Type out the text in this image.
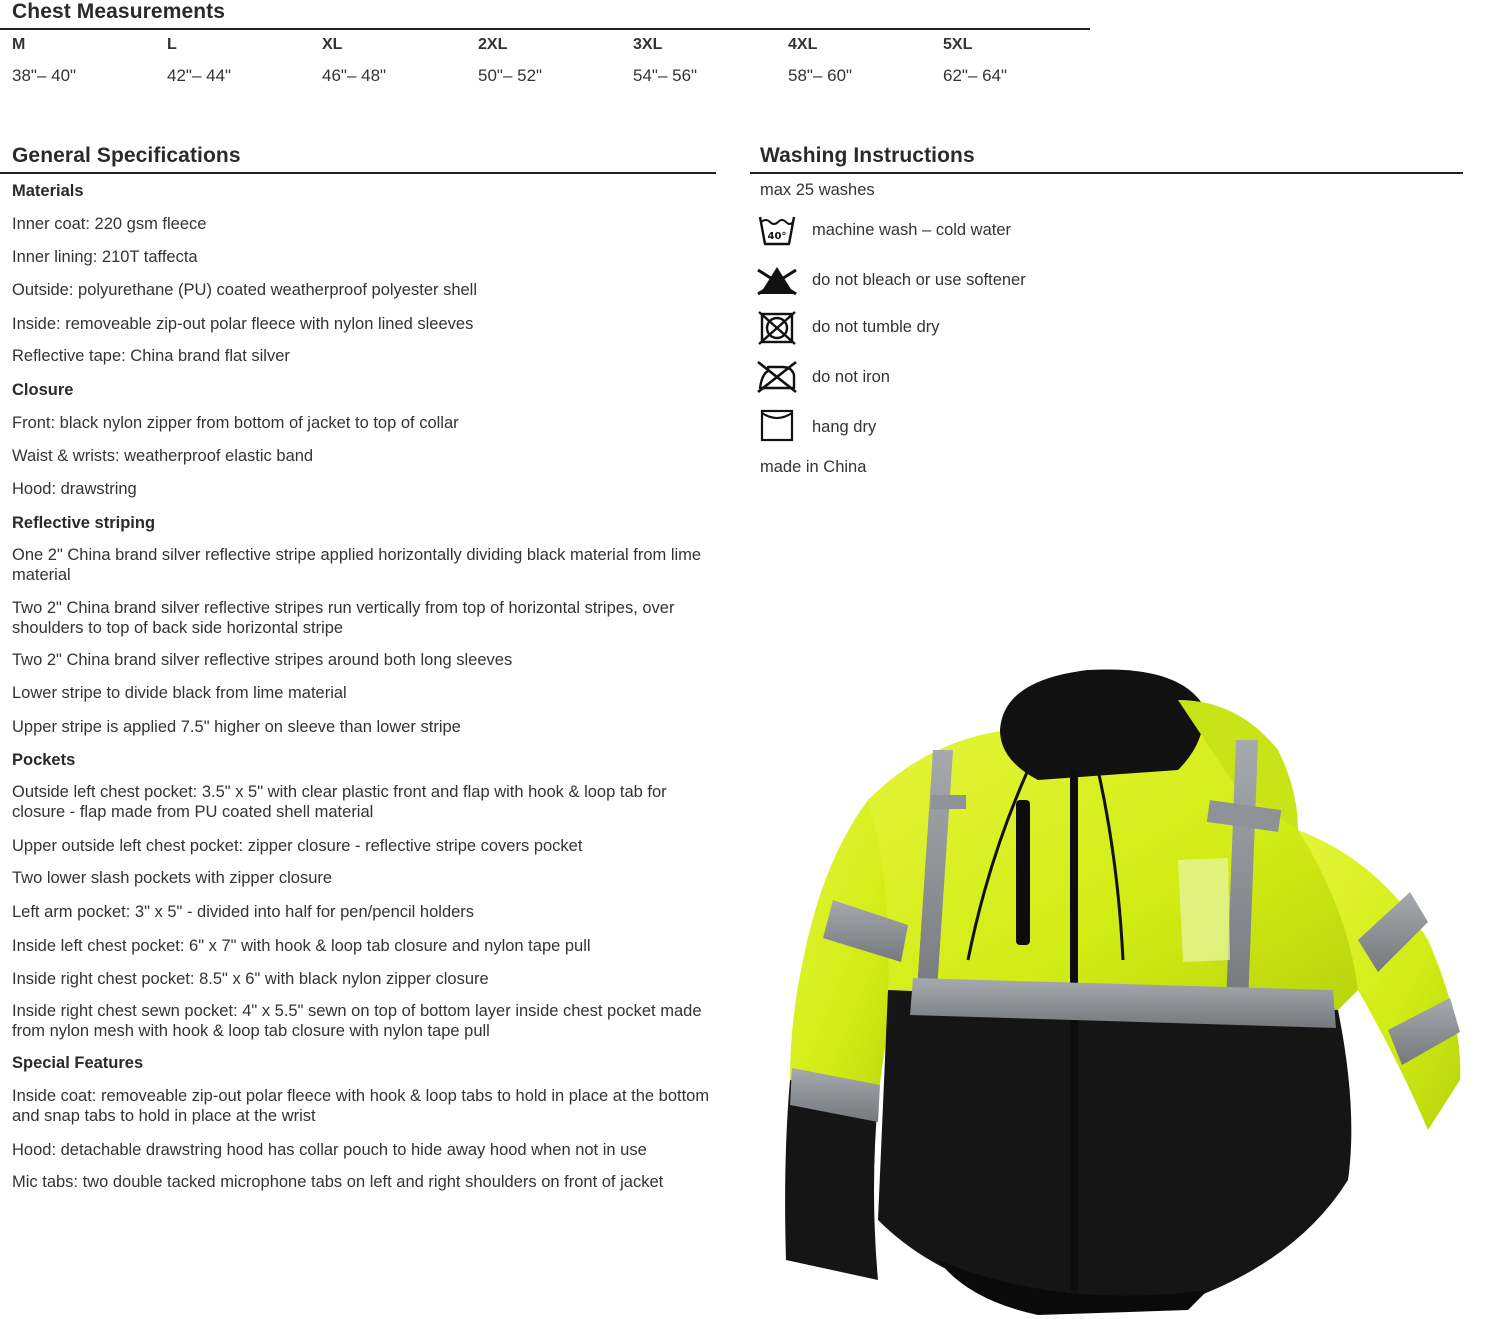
Chest Measurements
M
38"– 40"
L
42"– 44"
XL
46"– 48"
2XL
50"– 52"
3XL
54"– 56"
4XL
58"– 60"
5XL
62"– 64"
General Specifications
Materials
Inner coat: 220 gsm fleece
Inner lining: 210T taffecta
Outside: polyurethane (PU) coated weatherproof polyester shell
Inside: removeable zip-out polar fleece with nylon lined sleeves
Reflective tape: China brand flat silver
Closure
Front: black nylon zipper from bottom of jacket to top of collar
Waist & wrists: weatherproof elastic band
Hood: drawstring
Reflective striping
One 2" China brand silver reflective stripe applied horizontally dividing black material from lime material
Two 2" China brand silver reflective stripes run vertically from top of horizontal stripes, over shoulders to top of back side horizontal stripe
Two 2" China brand silver reflective stripes around both long sleeves
Lower stripe to divide black from lime material
Upper stripe is applied 7.5" higher on sleeve than lower stripe
Pockets
Outside left chest pocket: 3.5" x 5" with clear plastic front and flap with hook & loop tab for closure - flap made from PU coated shell material
Upper outside left chest pocket: zipper closure - reflective stripe covers pocket
Two lower slash pockets with zipper closure
Left arm pocket: 3" x 5" - divided into half for pen/pencil holders
Inside left chest pocket: 6" x 7" with hook & loop tab closure and nylon tape pull
Inside right chest pocket: 8.5" x 6" with black nylon zipper closure
Inside right chest sewn pocket: 4" x 5.5" sewn on top of bottom layer inside chest pocket made from nylon mesh with hook & loop tab closure with nylon tape pull
Special Features
Inside coat: removeable zip-out polar fleece with hook & loop tabs to hold in place at the bottom and snap tabs to hold in place at the wrist
Hood: detachable drawstring hood has collar pouch to hide away hood when not in use
Mic tabs: two double tacked microphone tabs on left and right shoulders on front of jacket
Washing Instructions
max 25 washes
40° machine wash – cold water
do not bleach or use softener
do not tumble dry
do not iron
hang dry
made in China
